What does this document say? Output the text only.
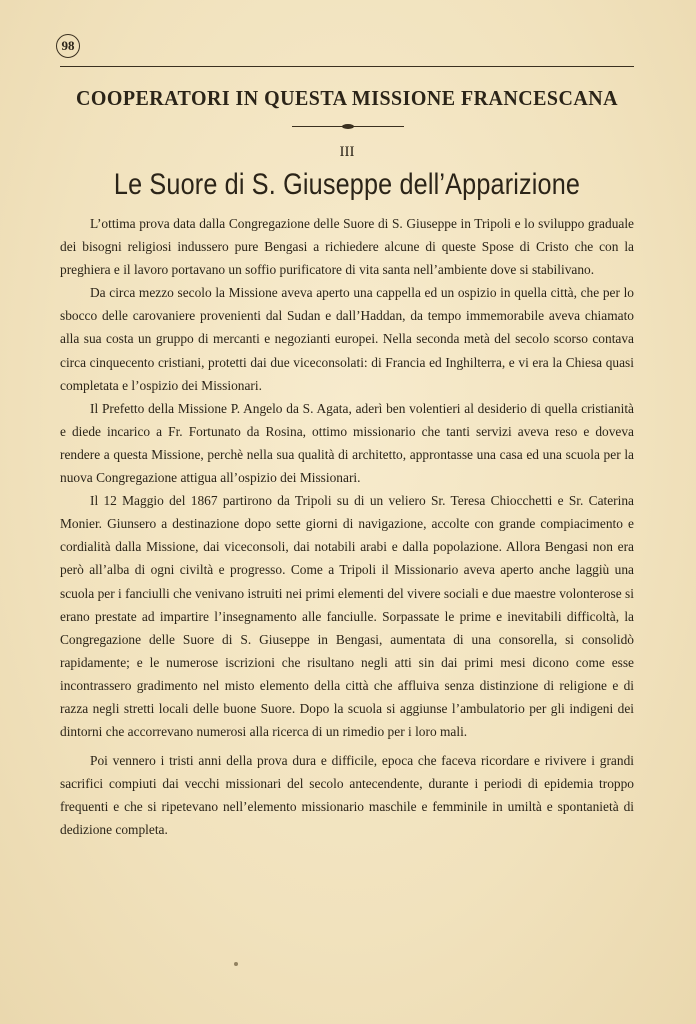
98
COOPERATORI IN QUESTA MISSIONE FRANCESCANA
III
Le Suore di S. Giuseppe dell’Apparizione

L’ottima prova data dalla Congregazione delle Suore di S. Giuseppe in Tripoli e lo sviluppo graduale dei bisogni religiosi indussero pure Bengasi a richiedere alcune di queste Spose di Cristo che con la preghiera e il lavoro portavano un soffio purificatore di vita santa nell’ambiente dove si stabilivano.

Da circa mezzo secolo la Missione aveva aperto una cappella ed un ospizio in quella città, che per lo sbocco delle carovaniere provenienti dal Sudan e dall’Haddan, da tempo immemorabile aveva chiamato alla sua costa un gruppo di mercanti e negozianti europei. Nella seconda metà del secolo scorso contava circa cinquecento cristiani, protetti dai due viceconsolati: di Francia ed Inghilterra, e vi era la Chiesa quasi completata e l’ospizio dei Missionari.

Il Prefetto della Missione P. Angelo da S. Agata, aderì ben volentieri al desiderio di quella cristianità e diede incarico a Fr. Fortunato da Rosina, ottimo missionario che tanti servizi aveva reso e doveva rendere a questa Missione, perchè nella sua qualità di architetto, approntasse una casa ed una scuola per la nuova Congregazione attigua all’ospizio dei Missionari.

Il 12 Maggio del 1867 partirono da Tripoli su di un veliero Sr. Teresa Chiocchetti e Sr. Caterina Monier. Giunsero a destinazione dopo sette giorni di navigazione, accolte con grande compiacimento e cordialità dalla Missione, dai viceconsoli, dai notabili arabi e dalla popolazione. Allora Bengasi non era però all’alba di ogni civiltà e progresso. Come a Tripoli il Missionario aveva aperto anche laggiù una scuola per i fanciulli che venivano istruiti nei primi elementi del vivere sociali e due maestre volonterose si erano prestate ad impartire l’insegnamento alle fanciulle. Sorpassate le prime e inevitabili difficoltà, la Congregazione delle Suore di S. Giuseppe in Bengasi, aumentata di una consorella, si consolidò rapidamente; e le numerose iscrizioni che risultano negli atti sin dai primi mesi dicono come esse incontrassero gradimento nel misto elemento della città che affluiva senza distinzione di religione e di razza negli stretti locali delle buone Suore. Dopo la scuola si aggiunse l’ambulatorio per gli indigeni dei dintorni che accorrevano numerosi alla ricerca di un rimedio per i loro mali.

Poi vennero i tristi anni della prova dura e difficile, epoca che faceva ricordare e rivivere i grandi sacrifici compiuti dai vecchi missionari del secolo antecendente, durante i periodi di epidemia troppo frequenti e che si ripetevano nell’elemento missionario maschile e femminile in umiltà e spontanietà di dedizione completa.
